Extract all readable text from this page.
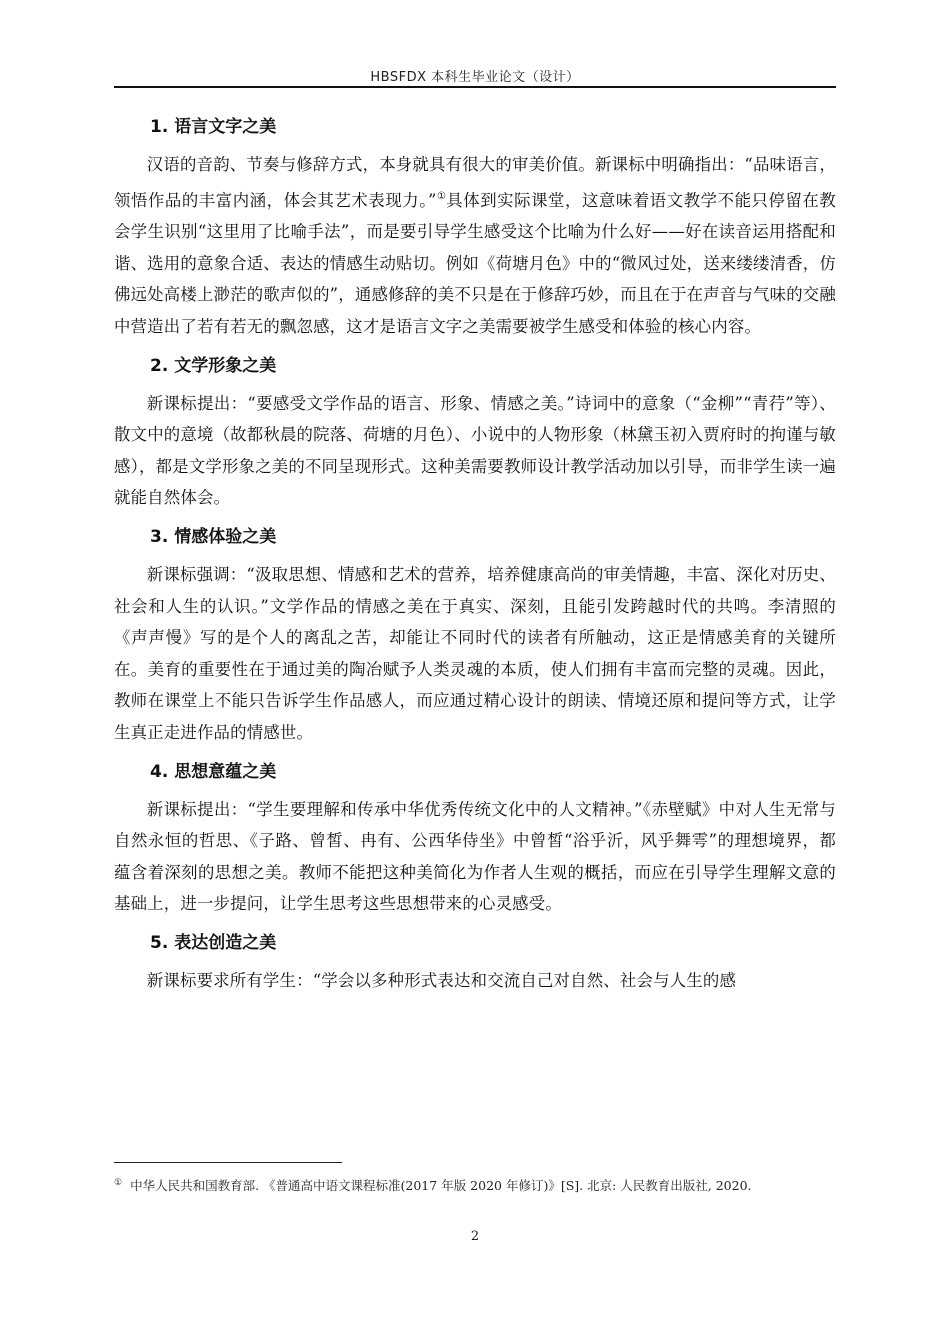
HBSFDX 本科生毕业论文（设计）
1. 语言文字之美

汉语的音韵、节奏与修辞方式，本身就具有很大的审美价值。新课标中明确指出：“品味语言，领悟作品的丰富内涵，体会其艺术表现力。”①具体到实际课堂，这意味着语文教学不能只停留在教会学生识别“这里用了比喻手法”，而是要引导学生感受这个比喻为什么好——好在读音运用搭配和谐、选用的意象合适、表达的情感生动贴切。例如《荷塘月色》中的“微风过处，送来缕缕清香，仿佛远处高楼上渺茫的歌声似的”，通感修辞的美不只是在于修辞巧妙，而且在于在声音与气味的交融中营造出了若有若无的飘忽感，这才是语言文字之美需要被学生感受和体验的核心内容。

2. 文学形象之美

新课标提出：“要感受文学作品的语言、形象、情感之美。”诗词中的意象（“金柳”“青荇”等）、散文中的意境（故都秋晨的院落、荷塘的月色）、小说中的人物形象（林黛玉初入贾府时的拘谨与敏感），都是文学形象之美的不同呈现形式。这种美需要教师设计教学活动加以引导，而非学生读一遍就能自然体会。

3. 情感体验之美

新课标强调：“汲取思想、情感和艺术的营养，培养健康高尚的审美情趣，丰富、深化对历史、社会和人生的认识。”文学作品的情感之美在于真实、深刻，且能引发跨越时代的共鸣。李清照的《声声慢》写的是个人的离乱之苦，却能让不同时代的读者有所触动，这正是情感美育的关键所在。美育的重要性在于通过美的陶冶赋予人类灵魂的本质，使人们拥有丰富而完整的灵魂。因此，教师在课堂上不能只告诉学生作品感人，而应通过精心设计的朗读、情境还原和提问等方式，让学生真正走进作品的情感世。

4. 思想意蕴之美

新课标提出：“学生要理解和传承中华优秀传统文化中的人文精神。”《赤壁赋》中对人生无常与自然永恒的哲思、《子路、曾皙、冉有、公西华侍坐》中曾皙“浴乎沂，风乎舞雩”的理想境界，都蕴含着深刻的思想之美。教师不能把这种美简化为作者人生观的概括，而应在引导学生理解文意的基础上，进一步提问，让学生思考这些思想带来的心灵感受。

5. 表达创造之美

新课标要求所有学生：“学会以多种形式表达和交流自己对自然、社会与人生的感

① 中华人民共和国教育部. 《普通高中语文课程标准(2017 年版 2020 年修订)》[S]. 北京: 人民教育出版社, 2020.
2
